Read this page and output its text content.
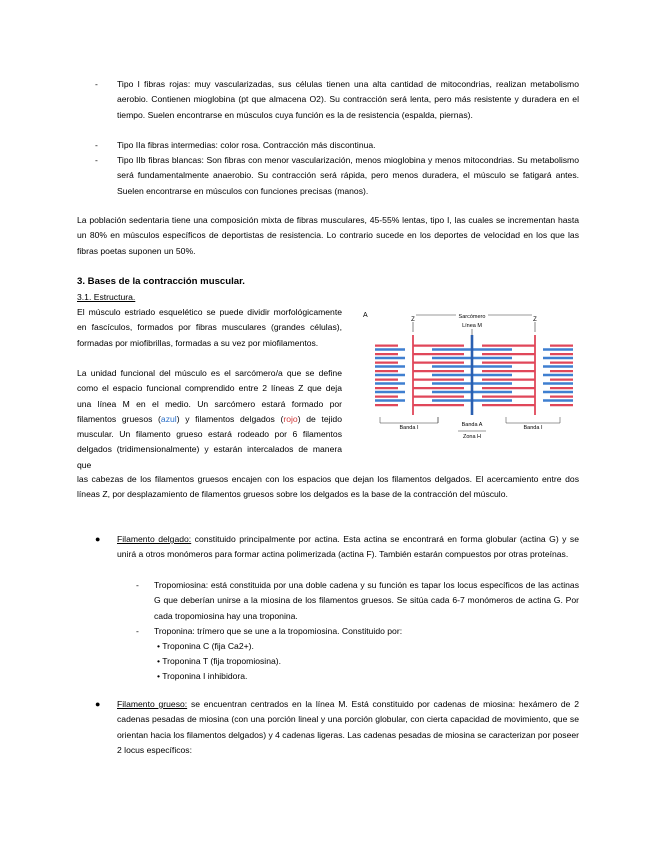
- Tipo I fibras rojas: muy vascularizadas, sus células tienen una alta cantidad de mitocondrias, realizan metabolismo aerobio. Contienen mioglobina (pt que almacena O2). Su contracción será lenta, pero más resistente y duradera en el tiempo. Suelen encontrarse en músculos cuya función es la de resistencia (espalda, piernas).
- Tipo IIa fibras intermedias: color rosa. Contracción más discontinua.
- Tipo IIb fibras blancas: Son fibras con menor vascularización, menos mioglobina y menos mitocondrias. Su metabolismo será fundamentalmente anaerobio. Su contracción será rápida, pero menos duradera, el músculo se fatigará antes. Suelen encontrarse en músculos con funciones precisas (manos).
La población sedentaria tiene una composición mixta de fibras musculares, 45-55% lentas, tipo I, las cuales se incrementan hasta un 80% en músculos específicos de deportistas de resistencia. Lo contrario sucede en los deportes de velocidad en los que las fibras poetas suponen un 50%.
3. Bases de la contracción muscular.
3.1. Estructura.
El músculo estriado esquelético se puede dividir morfológicamente en fascículos, formados por fibras musculares (grandes células), formadas por miofibrillas, formadas a su vez por miofilamentos.
La unidad funcional del músculo es el sarcómero/a que se define como el espacio funcional comprendido entre 2 líneas Z que deja una línea M en el medio. Un sarcómero estará formado por filamentos gruesos (azul) y filamentos delgados (rojo) de tejido muscular. Un filamento grueso estará rodeado por 6 filamentos delgados (tridimensionalmente) y estarán intercalados de manera que
las cabezas de los filamentos gruesos encajen con los espacios que dejan los filamentos delgados. El acercamiento entre dos líneas Z, por desplazamiento de filamentos gruesos sobre los delgados es la base de la contracción del músculo.
A
Z	Z
Sarcómero
Línea M
Banda I	Banda A	Banda I
Zona H
● Filamento delgado: constituido principalmente por actina. Esta actina se encontrará en forma globular (actina G) y se unirá a otros monómeros para formar actina polimerizada (actina F). También estarán compuestos por otras proteínas.
- Tropomiosina: está constituida por una doble cadena y su función es tapar los locus específicos de las actinas G que deberían unirse a la miosina de los filamentos gruesos. Se sitúa cada 6-7 monómeros de actina G. Por cada tropomiosina hay una troponina.
- Troponina: trímero que se une a la tropomiosina. Constituido por:
• Troponina C (fija Ca2+).
• Troponina T (fija tropomiosina).
• Troponina I inhibidora.
● Filamento grueso: se encuentran centrados en la línea M. Está constituido por cadenas de miosina: hexámero de 2 cadenas pesadas de miosina (con una porción lineal y una porción globular, con cierta capacidad de movimiento, que se orientan hacia los filamentos delgados) y 4 cadenas ligeras. Las cadenas pesadas de miosina se caracterizan por poseer 2 locus específicos:
